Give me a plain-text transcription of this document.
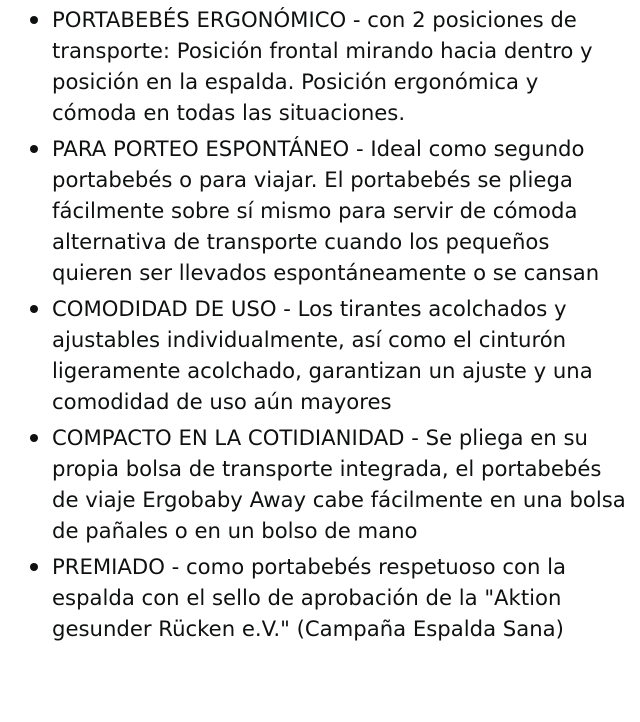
PORTABEBÉS ERGONÓMICO - con 2 posiciones de transporte: Posición frontal mirando hacia dentro y posición en la espalda. Posición ergonómica y cómoda en todas las situaciones.
PARA PORTEO ESPONTÁNEO - Ideal como segundo portabebés o para viajar. El portabebés se pliega fácilmente sobre sí mismo para servir de cómoda alternativa de transporte cuando los pequeños quieren ser llevados espontáneamente o se cansan
COMODIDAD DE USO - Los tirantes acolchados y ajustables individualmente, así como el cinturón ligeramente acolchado, garantizan un ajuste y una comodidad de uso aún mayores
COMPACTO EN LA COTIDIANIDAD - Se pliega en su propia bolsa de transporte integrada, el portabebés de viaje Ergobaby Away cabe fácilmente en una bolsa de pañales o en un bolso de mano
PREMIADO - como portabebés respetuoso con la espalda con el sello de aprobación de la "Aktion gesunder Rücken e.V." (Campaña Espalda Sana)
